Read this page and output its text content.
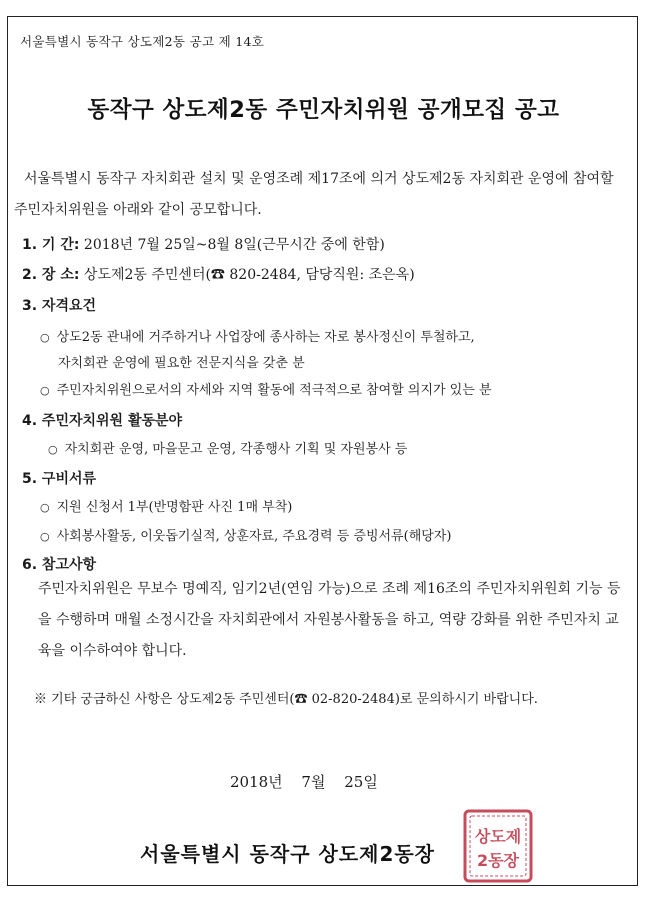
서울특별시 동작구 상도제2동 공고 제 14호
동작구 상도제2동 주민자치위원 공개모집 공고
서울특별시 동작구 자치회관 설치 및 운영조례 제17조에 의거 상도제2동 자치회관 운영에 참여할 주민자치위원을 아래와 같이 공모합니다.
1. 기 간: 2018년 7월 25일~8월 8일(근무시간 중에 한함)
2. 장 소: 상도제2동 주민센터(☎ 820-2484, 담당직원: 조은옥)
3. 자격요건
○ 상도2동 관내에 거주하거나 사업장에 종사하는 자로 봉사정신이 투철하고,
자치회관 운영에 필요한 전문지식을 갖춘 분
○ 주민자치위원으로서의 자세와 지역 활동에 적극적으로 참여할 의지가 있는 분
4. 주민자치위원 활동분야
○ 자치회관 운영, 마을문고 운영, 각종행사 기획 및 자원봉사 등
5. 구비서류
○ 지원 신청서 1부(반명함판 사진 1매 부착)
○ 사회봉사활동, 이웃돕기실적, 상훈자료, 주요경력 등 증빙서류(해당자)
6. 참고사항
주민자치위원은 무보수 명예직, 임기2년(연임 가능)으로 조례 제16조의 주민자치위원회 기능 등을 수행하며 매월 소정시간을 자치회관에서 자원봉사활동을 하고, 역량 강화를 위한 주민자치 교육을 이수하여야 합니다.
※ 기타 궁금하신 사항은 상도제2동 주민센터(☎ 02-820-2484)로 문의하시기 바랍니다.
2018년 7월 25일
상도제
2동장
서울특별시 동작구 상도제2동장
